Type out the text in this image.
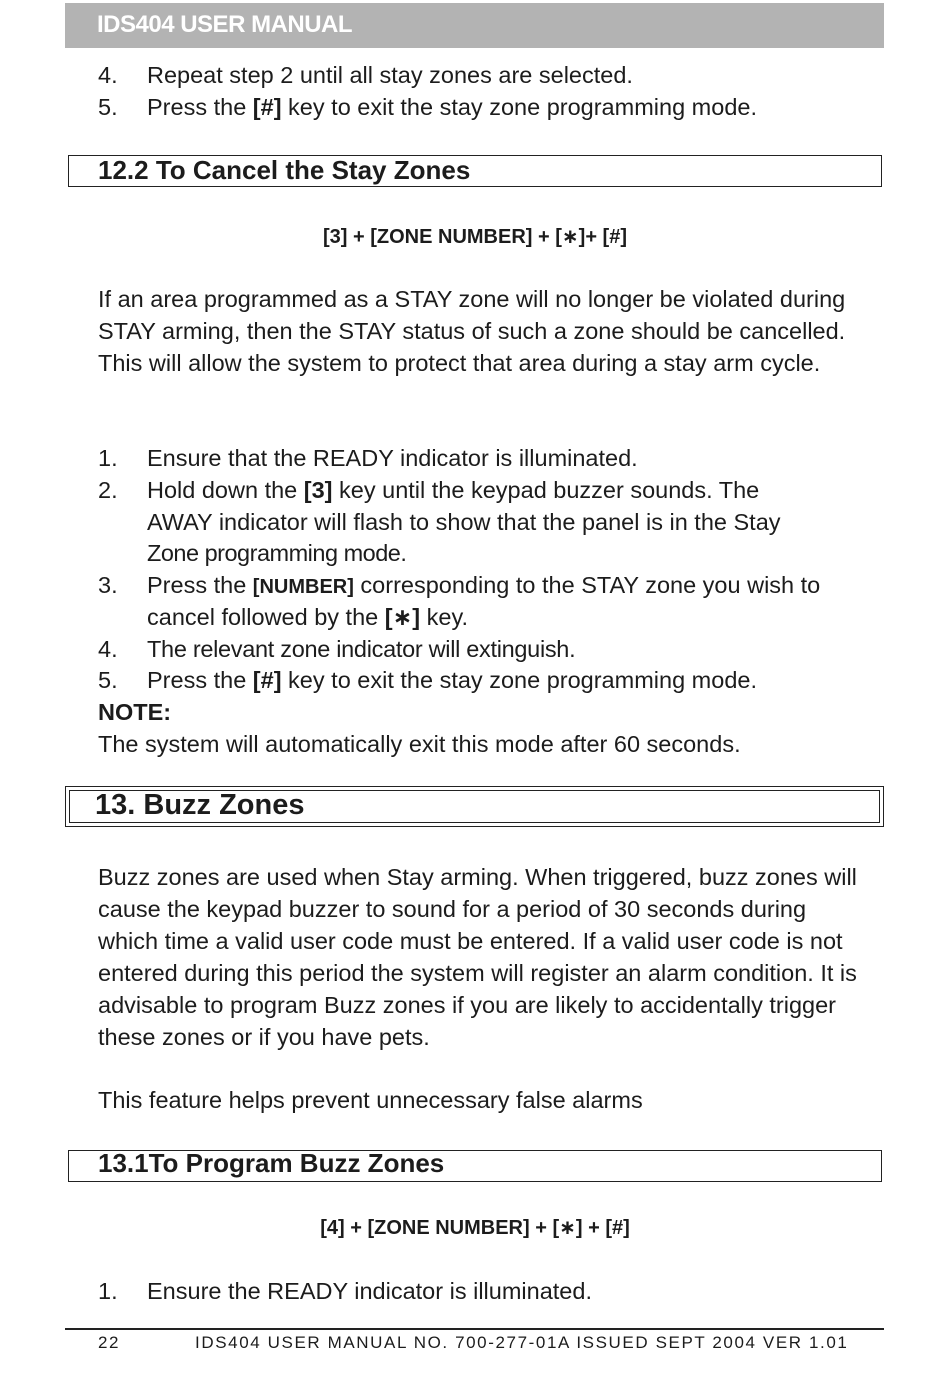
IDS404 USER MANUAL
4. Repeat step 2 until all stay zones are selected.
5. Press the [#] key to exit the stay zone programming mode.
12.2 To Cancel the Stay Zones
[3] + [ZONE NUMBER] + [∗]+ [#]
If an area programmed as a STAY zone will no longer be violated during STAY arming, then the STAY status of such a zone should be cancelled. This will allow the system to protect that area during a stay arm cycle.
1. Ensure that the READY indicator is illuminated.
2. Hold down the [3] key until the keypad buzzer sounds. The
AWAY indicator will flash to show that the panel is in the Stay
Zone programming mode.
3. Press the [NUMBER] corresponding to the STAY zone you wish to
cancel followed by the [∗] key.
4. The relevant zone indicator will extinguish.
5. Press the [#] key to exit the stay zone programming mode.
NOTE:
The system will automatically exit this mode after 60 seconds.
13. Buzz Zones
Buzz zones are used when Stay arming. When triggered, buzz zones will cause the keypad buzzer to sound for a period of 30 seconds during which time a valid user code must be entered. If a valid user code is not entered during this period the system will register an alarm condition. It is advisable to program Buzz zones if you are likely to accidentally trigger these zones or if you have pets.
This feature helps prevent unnecessary false alarms
13.1To Program Buzz Zones
[4] + [ZONE NUMBER] + [∗] + [#]
1. Ensure the READY indicator is illuminated.
22	IDS404 USER MANUAL NO. 700-277-01A ISSUED SEPT 2004 VER 1.01
